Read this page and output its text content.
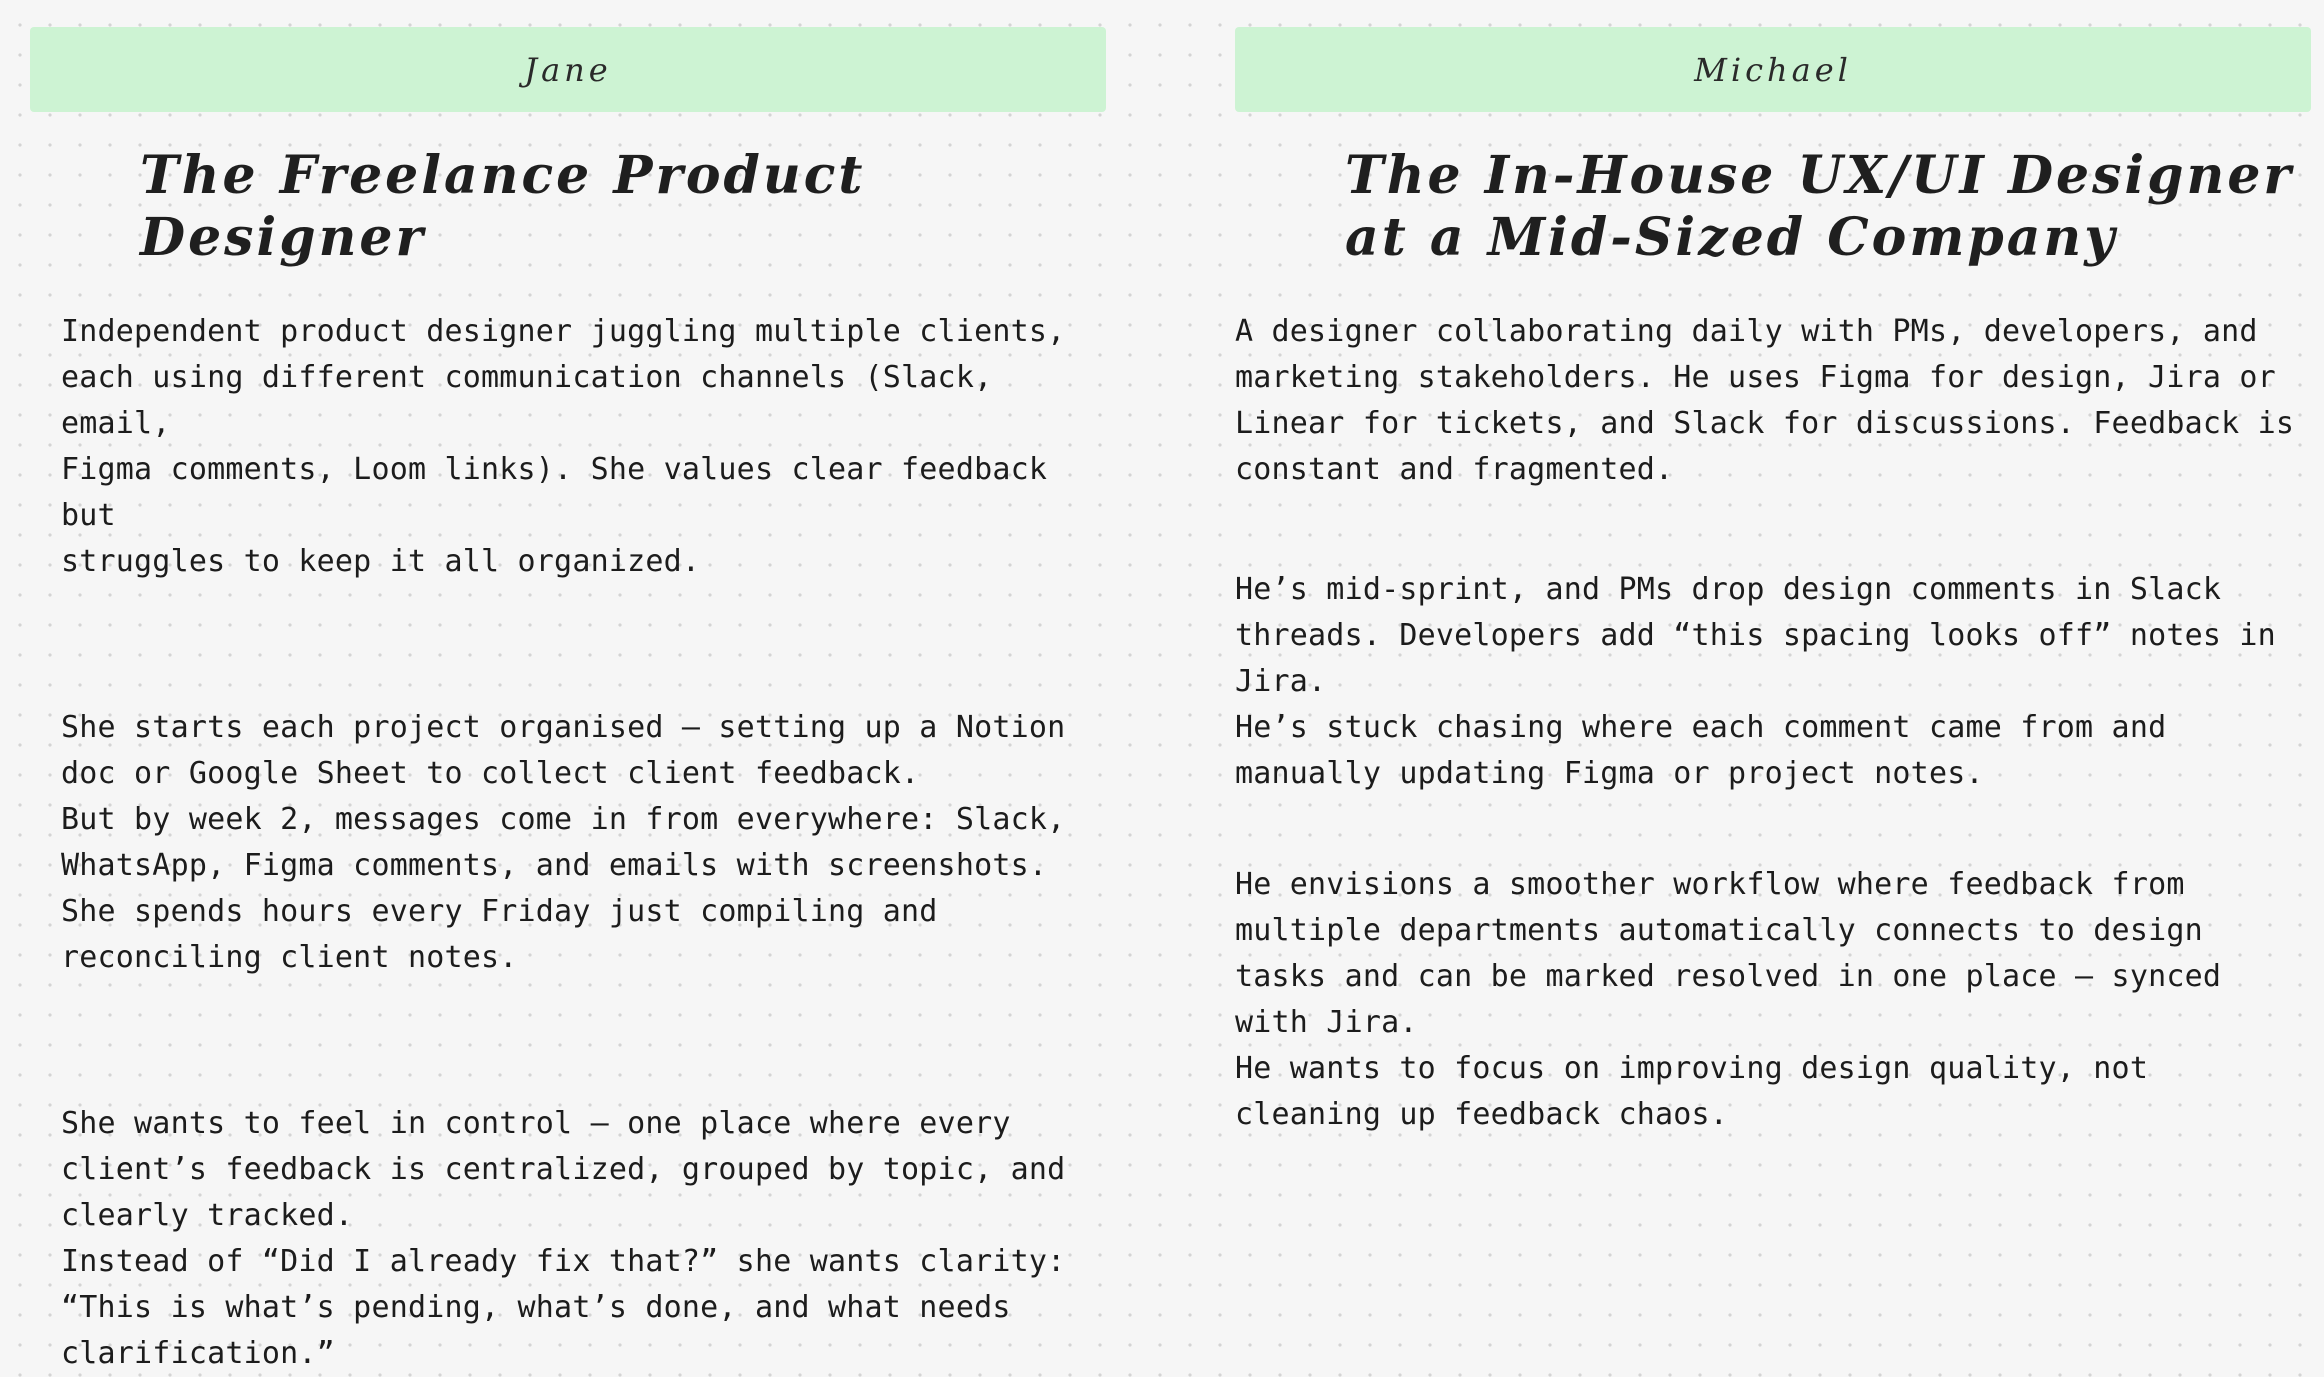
Jane
The Freelance Product Designer

Independent product designer juggling multiple clients,
each using different communication channels (Slack, email,
Figma comments, Loom links). She values clear feedback but
struggles to keep it all organized.

She starts each project organised — setting up a Notion
doc or Google Sheet to collect client feedback.
But by week 2, messages come in from everywhere: Slack,
WhatsApp, Figma comments, and emails with screenshots.
She spends hours every Friday just compiling and
reconciling client notes.

She wants to feel in control — one place where every
client’s feedback is centralized, grouped by topic, and
clearly tracked.
Instead of “Did I already fix that?” she wants clarity:
“This is what’s pending, what’s done, and what needs
clarification.”

Michael
The In-House UX/UI Designer
at a Mid-Sized Company

A designer collaborating daily with PMs, developers, and
marketing stakeholders. He uses Figma for design, Jira or
Linear for tickets, and Slack for discussions. Feedback is
constant and fragmented.

He’s mid-sprint, and PMs drop design comments in Slack
threads. Developers add “this spacing looks off” notes in
Jira.
He’s stuck chasing where each comment came from and
manually updating Figma or project notes.

He envisions a smoother workflow where feedback from
multiple departments automatically connects to design
tasks and can be marked resolved in one place — synced
with Jira.
He wants to focus on improving design quality, not
cleaning up feedback chaos.
